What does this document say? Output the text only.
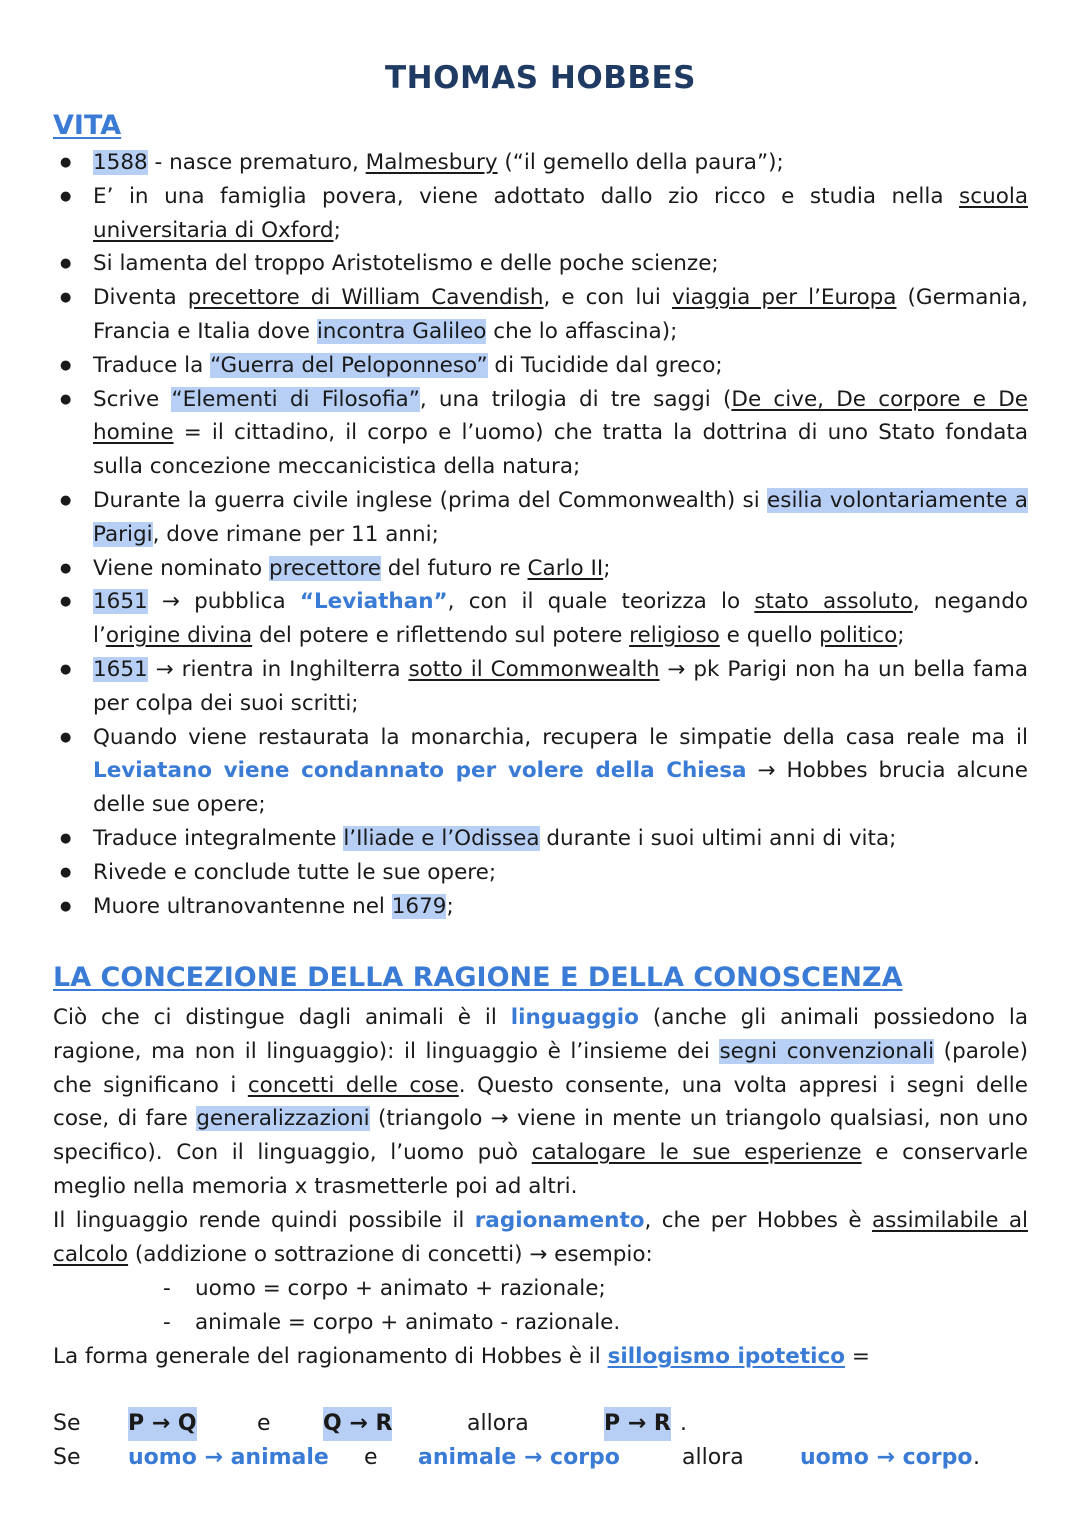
THOMAS HOBBES
VITA
● 1588 - nasce prematuro, Malmesbury (“il gemello della paura”);
● E’ in una famiglia povera, viene adottato dallo zio ricco e studia nella scuola universitaria di Oxford;
● Si lamenta del troppo Aristotelismo e delle poche scienze;
● Diventa precettore di William Cavendish, e con lui viaggia per l’Europa (Germania, Francia e Italia dove incontra Galileo che lo affascina);
● Traduce la “Guerra del Peloponneso” di Tucidide dal greco;
● Scrive “Elementi di Filosofia”, una trilogia di tre saggi (De cive, De corpore e De homine = il cittadino, il corpo e l’uomo) che tratta la dottrina di uno Stato fondata sulla concezione meccanicistica della natura;
● Durante la guerra civile inglese (prima del Commonwealth) si esilia volontariamente a Parigi, dove rimane per 11 anni;
● Viene nominato precettore del futuro re Carlo II;
● 1651 → pubblica “Leviathan”, con il quale teorizza lo stato assoluto, negando l’origine divina del potere e riflettendo sul potere religioso e quello politico;
● 1651 → rientra in Inghilterra sotto il Commonwealth → pk Parigi non ha un bella fama per colpa dei suoi scritti;
● Quando viene restaurata la monarchia, recupera le simpatie della casa reale ma il Leviatano viene condannato per volere della Chiesa → Hobbes brucia alcune delle sue opere;
● Traduce integralmente l’Iliade e l’Odissea durante i suoi ultimi anni di vita;
● Rivede e conclude tutte le sue opere;
● Muore ultranovantenne nel 1679;
LA CONCEZIONE DELLA RAGIONE E DELLA CONOSCENZA

Ciò che ci distingue dagli animali è il linguaggio (anche gli animali possiedono la ragione, ma non il linguaggio): il linguaggio è l’insieme dei segni convenzionali (parole) che significano i concetti delle cose. Questo consente, una volta appresi i segni delle cose, di fare generalizzazioni (triangolo → viene in mente un triangolo qualsiasi, non uno specifico). Con il linguaggio, l’uomo può catalogare le sue esperienze e conservarle meglio nella memoria x trasmetterle poi ad altri.

Il linguaggio rende quindi possibile il ragionamento, che per Hobbes è assimilabile al calcolo (addizione o sottrazione di concetti) → esempio:

- uomo = corpo + animato + razionale;
- animale = corpo + animato - razionale.

La forma generale del ragionamento di Hobbes è il sillogismo ipotetico =

Se P → Q	e Q → R	allora	P → R .
Se uomo → animale e animale → corpo	allora	uomo → corpo .
